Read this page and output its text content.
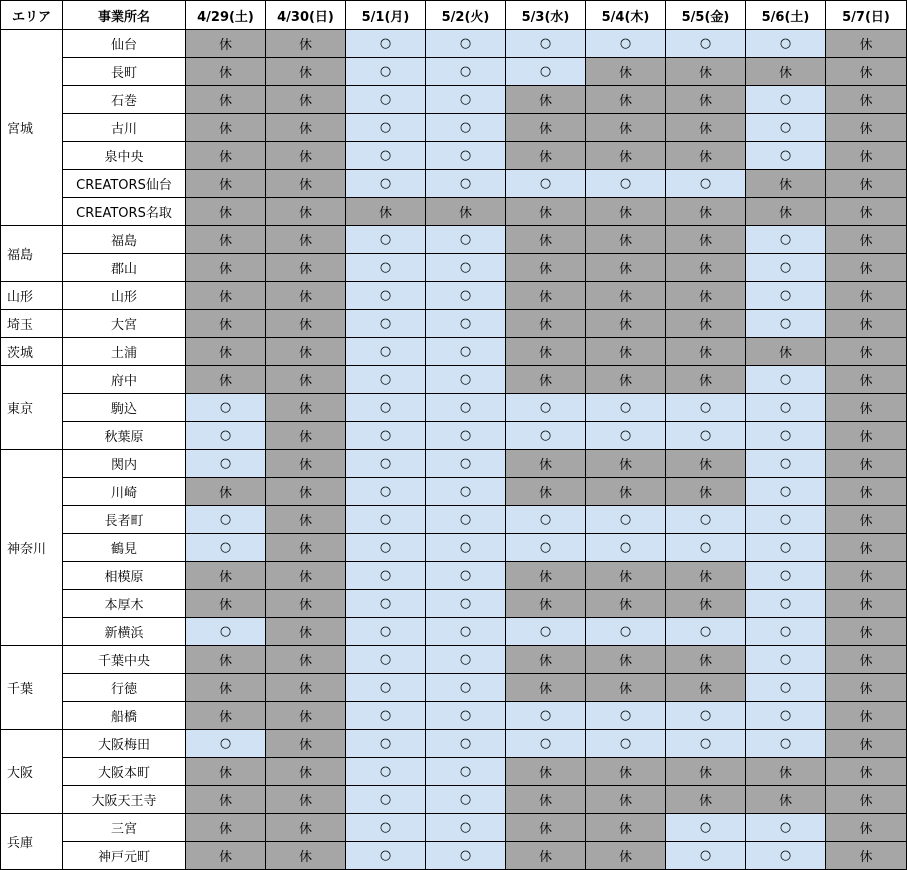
エリア	事業所名	4/29(土)	4/30(日)	5/1(月)	5/2(火)	5/3(水)	5/4(木)	5/5(金)	5/6(土)	5/7(日)
宮城	仙台	休	休	○	○	○	○	○	○	休
	長町	休	休	○	○	○	休	休	休	休
	石巻	休	休	○	○	休	休	休	○	休
	古川	休	休	○	○	休	休	休	○	休
	泉中央	休	休	○	○	休	休	休	○	休
	CREATORS仙台	休	休	○	○	○	○	○	休	休
	CREATORS名取	休	休	休	休	休	休	休	休	休
福島	福島	休	休	○	○	休	休	休	○	休
	郡山	休	休	○	○	休	休	休	○	休
山形	山形	休	休	○	○	休	休	休	○	休
埼玉	大宮	休	休	○	○	休	休	休	○	休
茨城	土浦	休	休	○	○	休	休	休	休	休
東京	府中	休	休	○	○	休	休	休	○	休
	駒込	○	休	○	○	○	○	○	○	休
	秋葉原	○	休	○	○	○	○	○	○	休
神奈川	関内	○	休	○	○	休	休	休	○	休
	川崎	休	休	○	○	休	休	休	○	休
	長者町	○	休	○	○	○	○	○	○	休
	鶴見	○	休	○	○	○	○	○	○	休
	相模原	休	休	○	○	休	休	休	○	休
	本厚木	休	休	○	○	休	休	休	○	休
	新横浜	○	休	○	○	○	○	○	○	休
千葉	千葉中央	休	休	○	○	休	休	休	○	休
	行徳	休	休	○	○	休	休	休	○	休
	船橋	休	休	○	○	○	○	○	○	休
大阪	大阪梅田	○	休	○	○	○	○	○	○	休
	大阪本町	休	休	○	○	休	休	休	休	休
	大阪天王寺	休	休	○	○	休	休	休	休	休
兵庫	三宮	休	休	○	○	休	休	○	○	休
	神戸元町	休	休	○	○	休	休	○	○	休
